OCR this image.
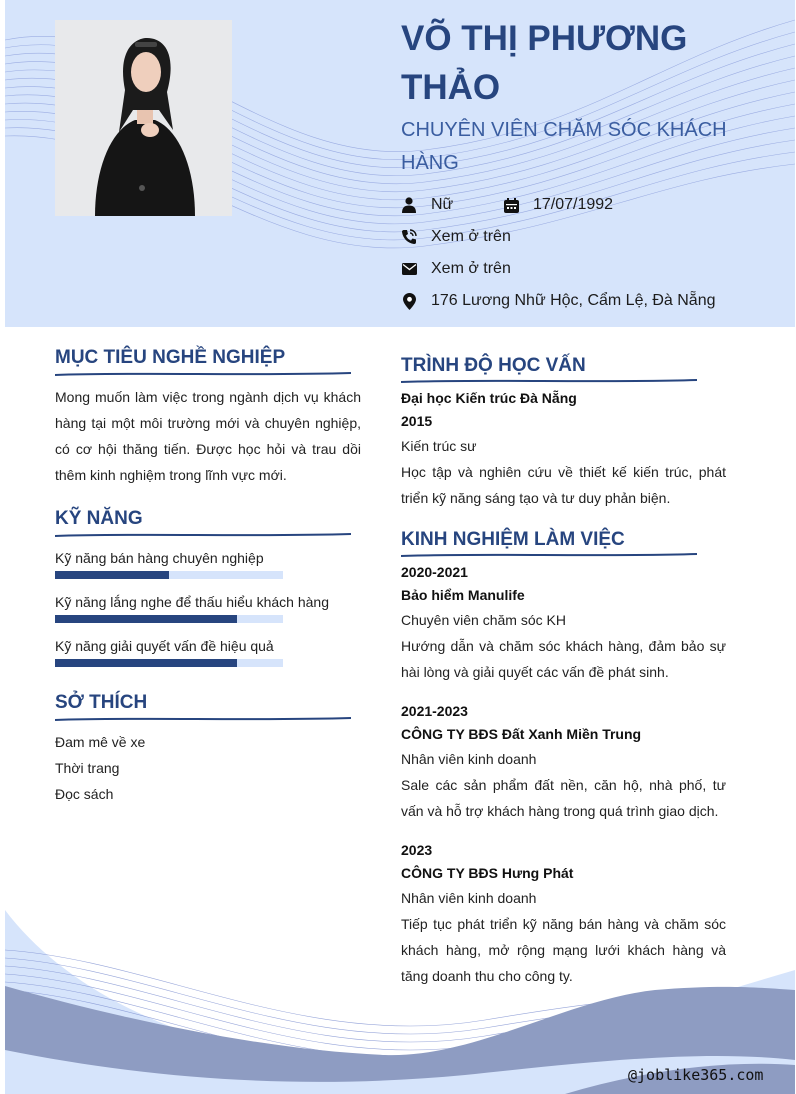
VÕ THỊ PHƯƠNG THẢO
CHUYÊN VIÊN CHĂM SÓC KHÁCH HÀNG
Nữ	17/07/1992
Xem ở trên
Xem ở trên
176 Lương Nhữ Hộc, Cẩm Lệ, Đà Nẵng
@joblike365.com
MỤC TIÊU NGHỀ NGHIỆP
Mong muốn làm việc trong ngành dịch vụ khách hàng tại một môi trường mới và chuyên nghiệp, có cơ hội thăng tiến. Được học hỏi và trau dồi thêm kinh nghiệm trong lĩnh vực mới.
KỸ NĂNG
Kỹ năng bán hàng chuyên nghiệp
Kỹ năng lắng nghe để thấu hiểu khách hàng
Kỹ năng giải quyết vấn đề hiệu quả
SỞ THÍCH
Đam mê về xe
Thời trang
Đọc sách
TRÌNH ĐỘ HỌC VẤN
Đại học Kiến trúc Đà Nẵng
2015
Kiến trúc sư
Học tập và nghiên cứu về thiết kế kiến trúc, phát triển kỹ năng sáng tạo và tư duy phản biện.
KINH NGHIỆM LÀM VIỆC
2020-2021
Bảo hiểm Manulife
Chuyên viên chăm sóc KH
Hướng dẫn và chăm sóc khách hàng, đảm bảo sự hài lòng và giải quyết các vấn đề phát sinh.
2021-2023
CÔNG TY BĐS Đất Xanh Miền Trung
Nhân viên kinh doanh
Sale các sản phẩm đất nền, căn hộ, nhà phố, tư vấn và hỗ trợ khách hàng trong quá trình giao dịch.
2023
CÔNG TY BĐS Hưng Phát
Nhân viên kinh doanh
Tiếp tục phát triển kỹ năng bán hàng và chăm sóc khách hàng, mở rộng mạng lưới khách hàng và tăng doanh thu cho công ty.
